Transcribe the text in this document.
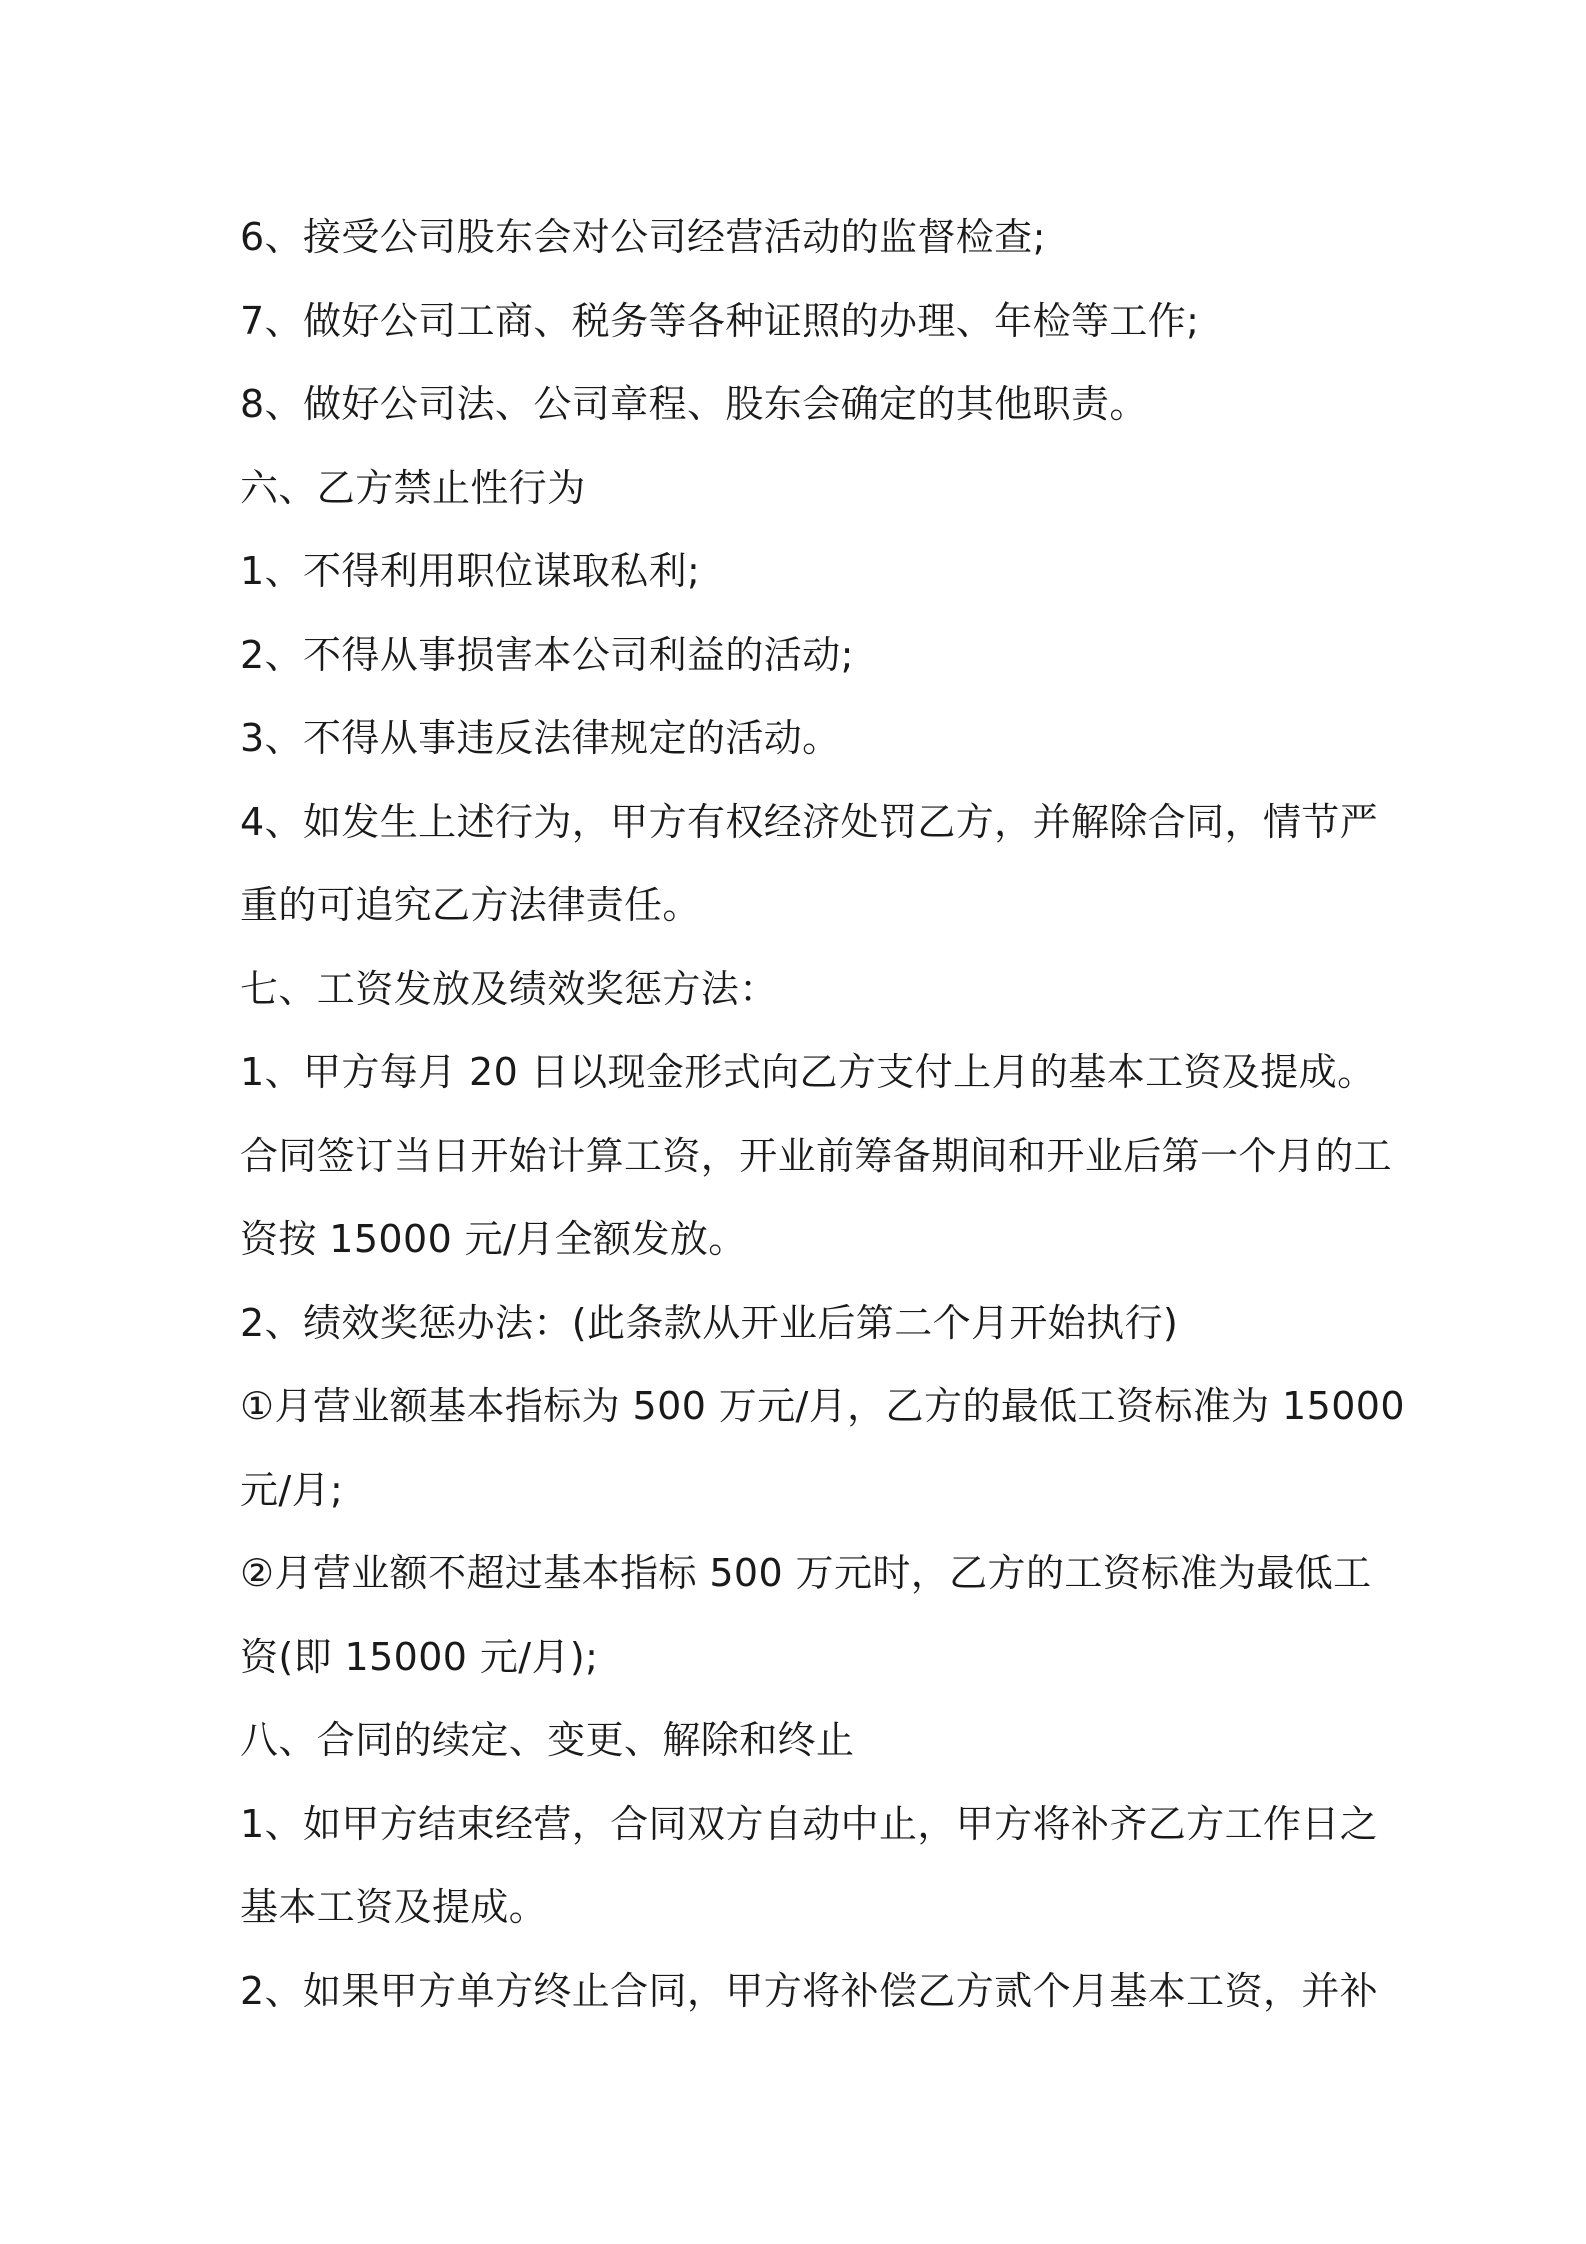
6、接受公司股东会对公司经营活动的监督检查;
7、做好公司工商、税务等各种证照的办理、年检等工作;
8、做好公司法、公司章程、股东会确定的其他职责。
六、乙方禁止性行为
1、不得利用职位谋取私利;
2、不得从事损害本公司利益的活动;
3、不得从事违反法律规定的活动。
4、如发生上述行为，甲方有权经济处罚乙方，并解除合同，情节严
重的可追究乙方法律责任。
七、工资发放及绩效奖惩方法：
1、甲方每月 20 日以现金形式向乙方支付上月的基本工资及提成。
合同签订当日开始计算工资，开业前筹备期间和开业后第一个月的工
资按 15000 元/月全额发放。
2、绩效奖惩办法：(此条款从开业后第二个月开始执行)
①月营业额基本指标为 500 万元/月，乙方的最低工资标准为 15000
元/月;
②月营业额不超过基本指标 500 万元时，乙方的工资标准为最低工
资(即 15000 元/月);
八、合同的续定、变更、解除和终止
1、如甲方结束经营，合同双方自动中止，甲方将补齐乙方工作日之
基本工资及提成。
2、如果甲方单方终止合同，甲方将补偿乙方贰个月基本工资，并补
